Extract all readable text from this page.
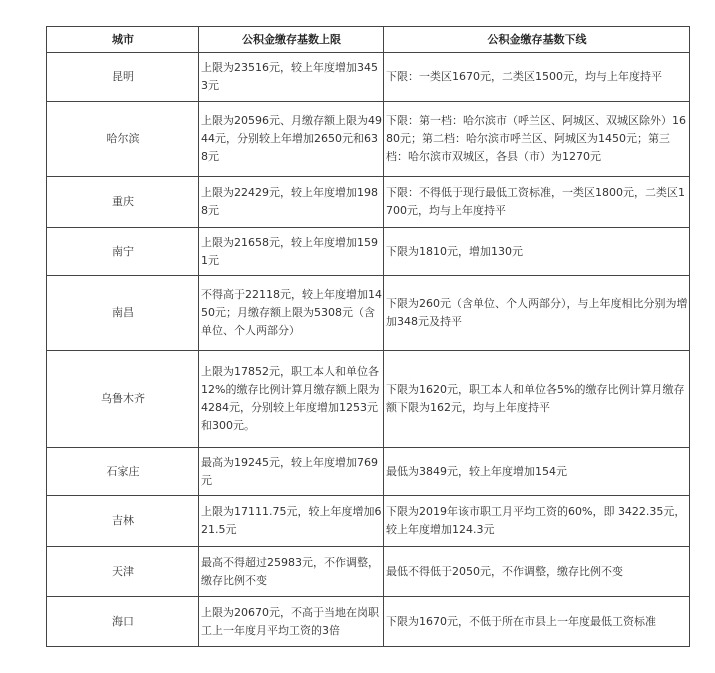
城市	公积金缴存基数上限	公积金缴存基数下线
昆明	上限为23516元，较上年度增加3453元	下限：一类区1670元，二类区1500元，均与上年度持平
哈尔滨	上限为20596元、月缴存额上限为4944元，分别较上年增加2650元和638元	下限：第一档：哈尔滨市（呼兰区、阿城区、双城区除外）1680元；第二档：哈尔滨市呼兰区、阿城区为1450元；第三档：哈尔滨市双城区，各县（市）为1270元
重庆	上限为22429元，较上年度增加1988元	下限：不得低于现行最低工资标准，一类区1800元，二类区1700元，均与上年度持平
南宁	上限为21658元，较上年度增加1591元	下限为1810元，增加130元
南昌	不得高于22118元，较上年度增加1450元；月缴存额上限为5308元（含单位、个人两部分）	下限为260元（含单位、个人两部分），与上年度相比分别为增加348元及持平
乌鲁木齐	上限为17852元，职工本人和单位各12%的缴存比例计算月缴存额上限为4284元，分别较上年度增加1253元和300元。	下限为1620元，职工本人和单位各5%的缴存比例计算月缴存额下限为162元，均与上年度持平
石家庄	最高为19245元，较上年度增加769元	最低为3849元，较上年度增加154元
吉林	上限为17111.75元，较上年度增加621.5元	下限为2019年该市职工月平均工资的60%，即 3422.35元，较上年度增加124.3元
天津	最高不得超过25983元，不作调整，缴存比例不变	最低不得低于2050元，不作调整，缴存比例不变
海口	上限为20670元，不高于当地在岗职工上一年度月平均工资的3倍	下限为1670元，不低于所在市县上一年度最低工资标准
